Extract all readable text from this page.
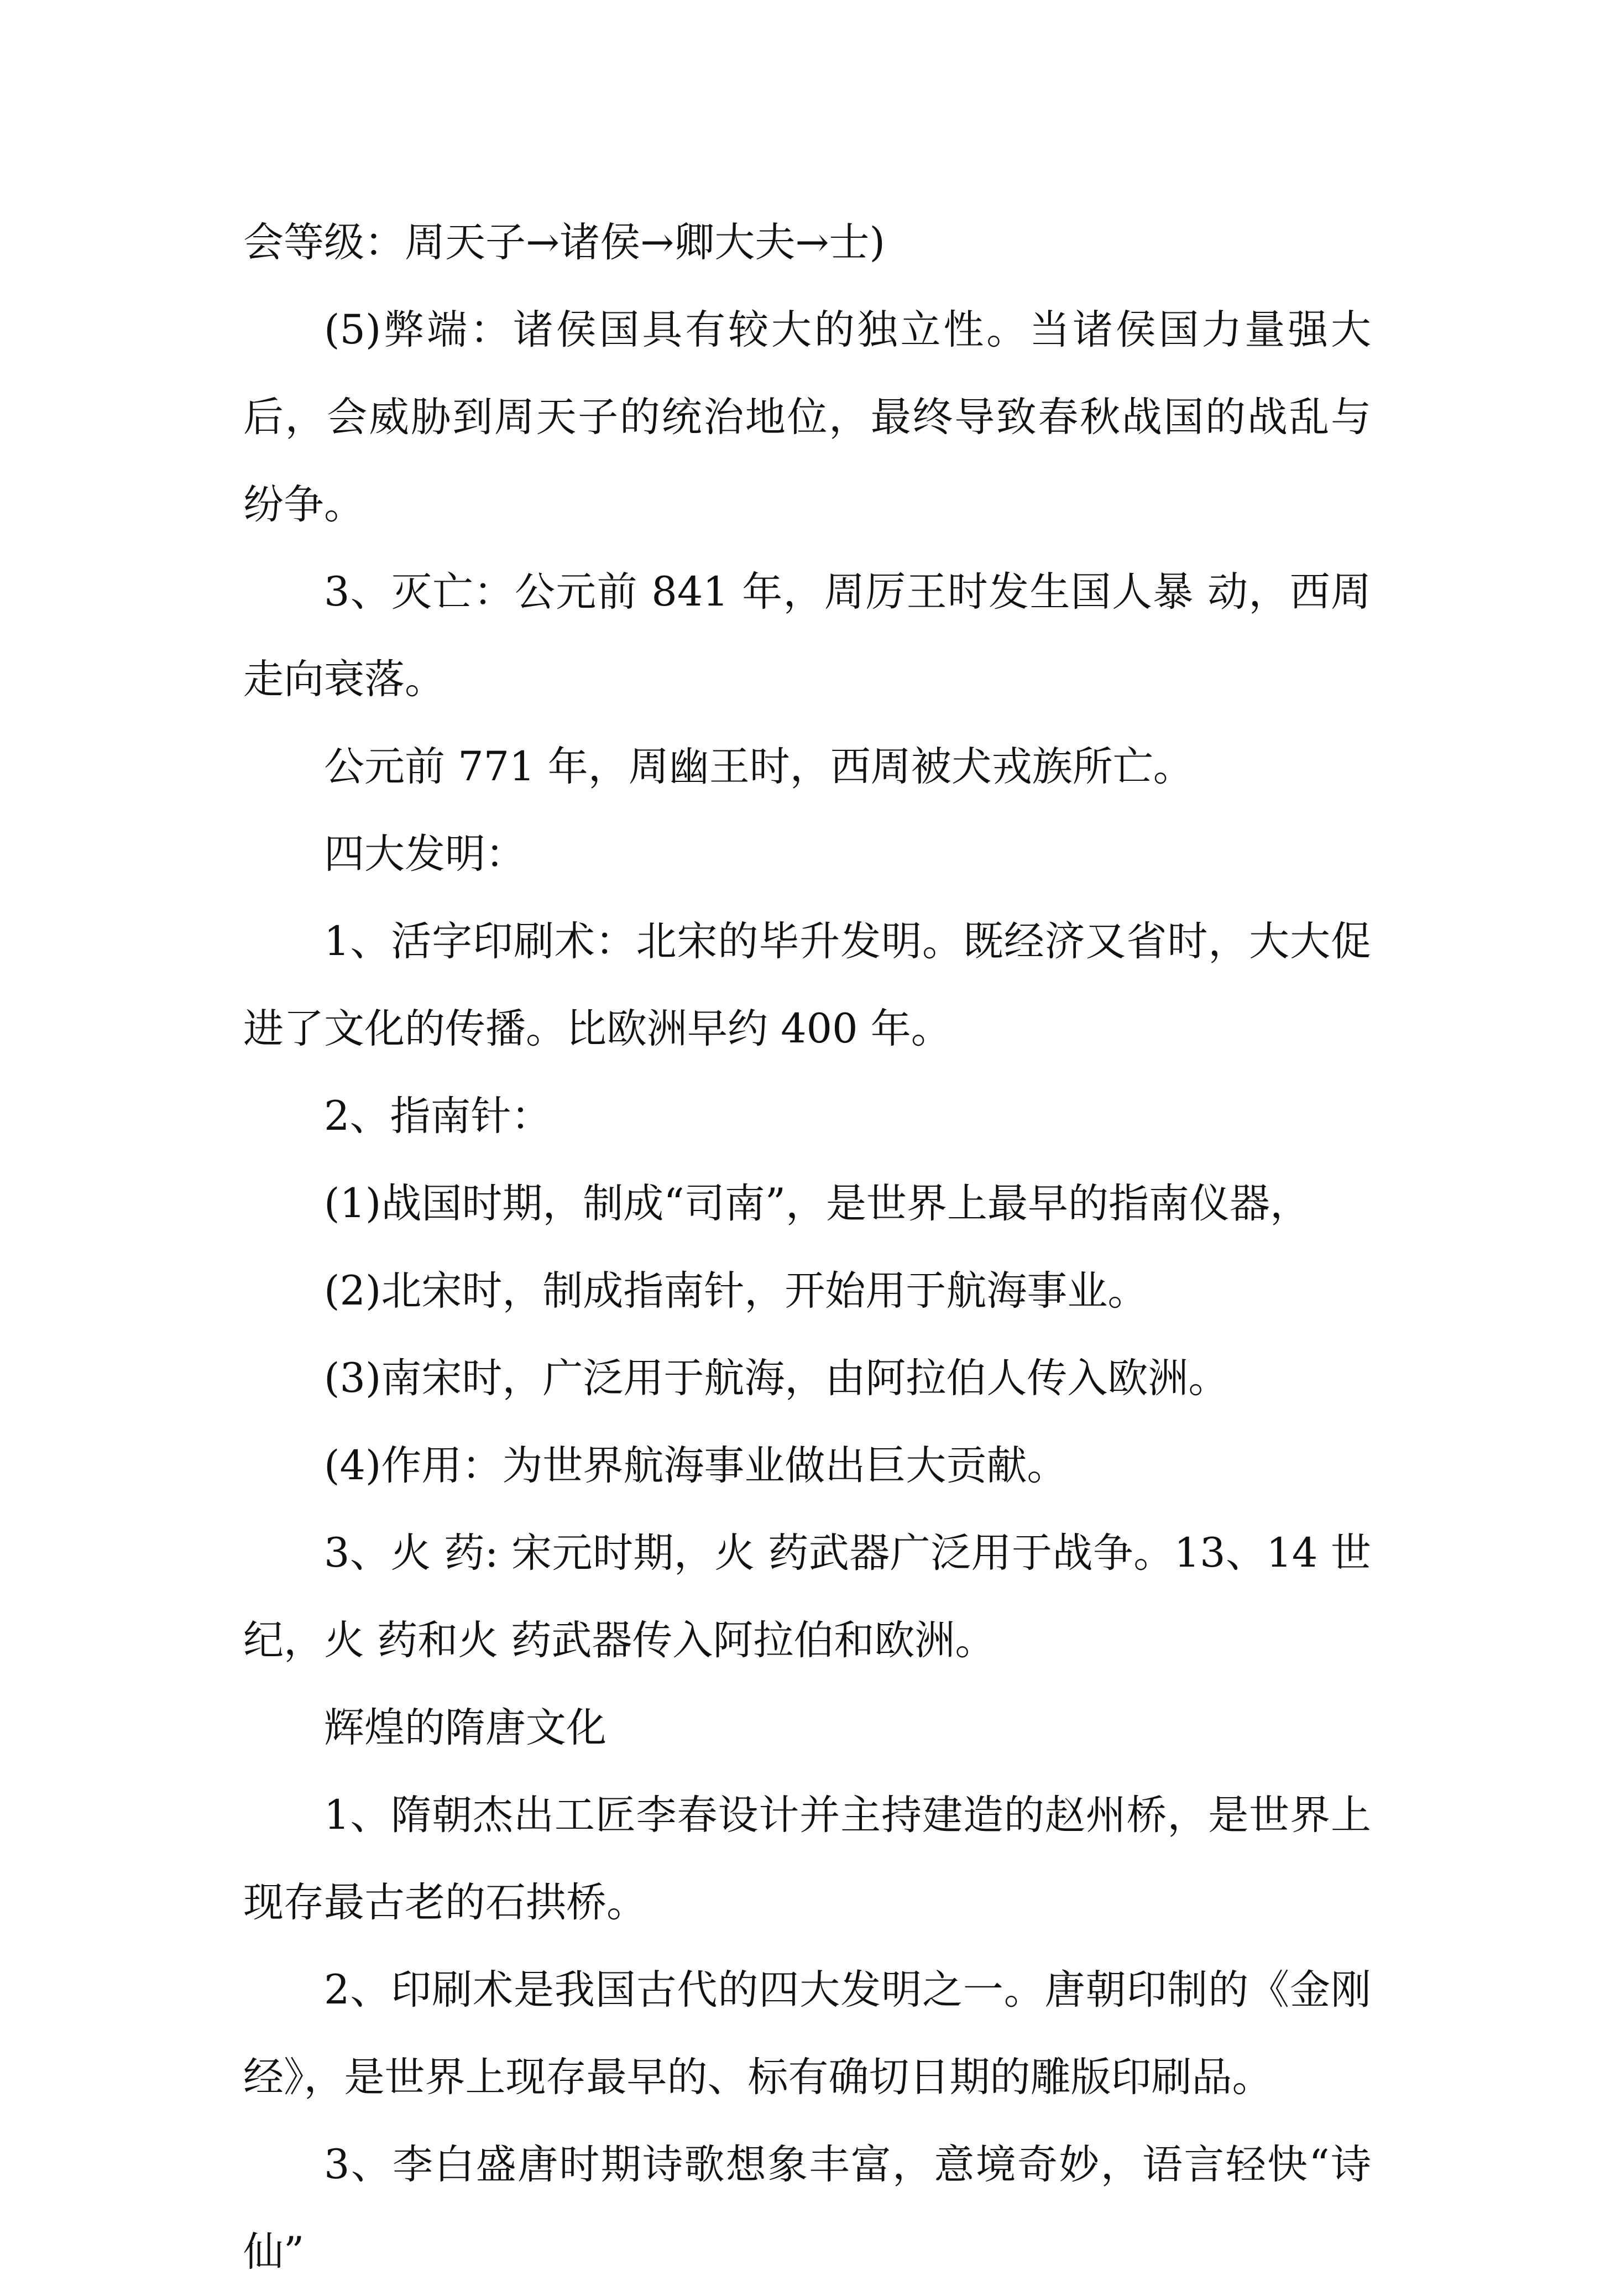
会等级：周天子→诸侯→卿大夫→士)

(5)弊端：诸侯国具有较大的独立性。当诸侯国力量强大后，会威胁到周天子的统治地位，最终导致春秋战国的战乱与纷争。

3、灭亡：公元前 841 年，周厉王时发生国人暴 动，西周走向衰落。

公元前 771 年，周幽王时，西周被犬戎族所亡。

四大发明：

1、活字印刷术：北宋的毕升发明。既经济又省时，大大促进了文化的传播。比欧洲早约 400 年。

2、指南针：

(1)战国时期，制成“司南”，是世界上最早的指南仪器，

(2)北宋时，制成指南针，开始用于航海事业。

(3)南宋时，广泛用于航海，由阿拉伯人传入欧洲。

(4)作用：为世界航海事业做出巨大贡献。

3、火 药: 宋元时期，火 药武器广泛用于战争。13、14 世纪，火 药和火 药武器传入阿拉伯和欧洲。

辉煌的隋唐文化

1、隋朝杰出工匠李春设计并主持建造的赵州桥，是世界上现存最古老的石拱桥。

2、印刷术是我国古代的四大发明之一。唐朝印制的《金刚经》，是世界上现存最早的、标有确切日期的雕版印刷品。

3、李白盛唐时期诗歌想象丰富，意境奇妙，语言轻快“诗仙”
